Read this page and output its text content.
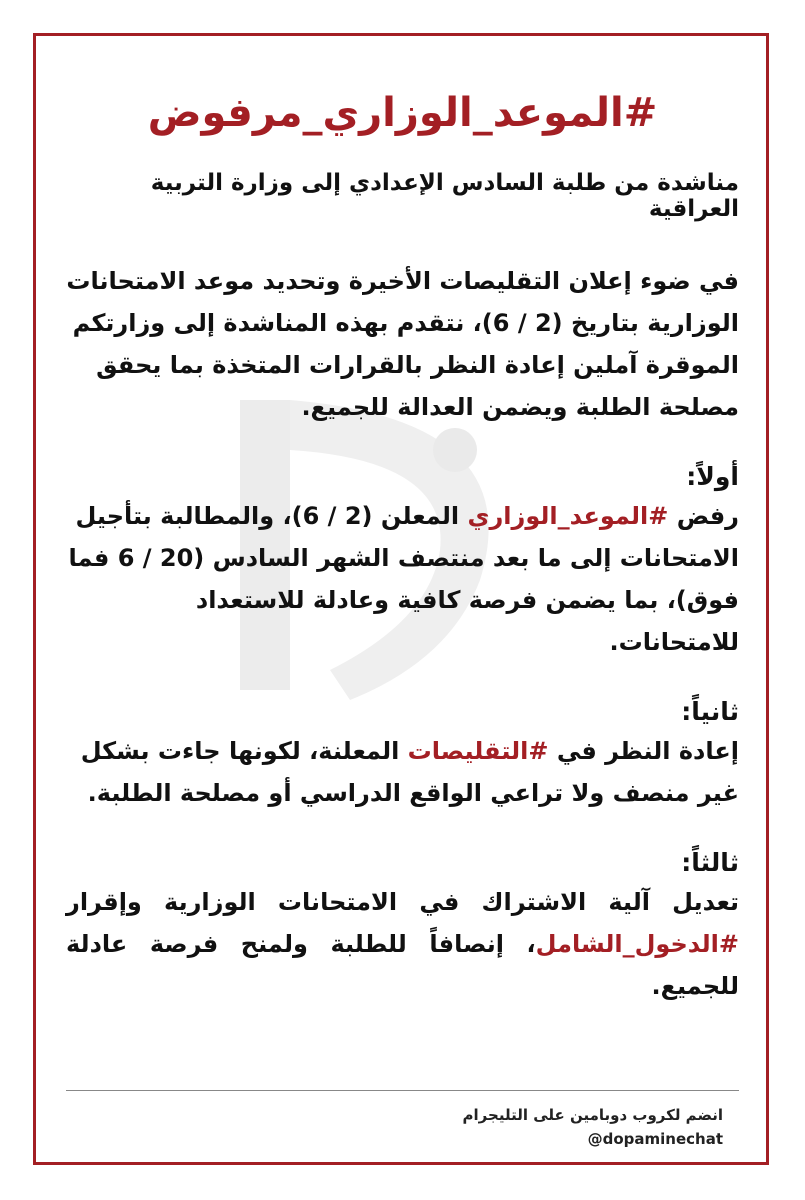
#الموعد_الوزاري_مرفوض

مناشدة من طلبة السادس الإعدادي إلى وزارة التربية العراقية

في ضوء إعلان التقليصات الأخيرة وتحديد موعد الامتحانات الوزارية بتاريخ (2 / 6)، نتقدم بهذه المناشدة إلى وزارتكم الموقرة آملين إعادة النظر بالقرارات المتخذة بما يحقق مصلحة الطلبة ويضمن العدالة للجميع.

أولاً:

رفض #الموعد_الوزاري المعلن (2 / 6)، والمطالبة بتأجيل الامتحانات إلى ما بعد منتصف الشهر السادس (20 / 6 فما فوق)، بما يضمن فرصة كافية وعادلة للاستعداد للامتحانات.

ثانياً:

إعادة النظر في #التقليصات المعلنة، لكونها جاءت بشكل غير منصف ولا تراعي الواقع الدراسي أو مصلحة الطلبة.

ثالثاً:

تعديل آلية الاشتراك في الامتحانات الوزارية وإقرار #الدخول_الشامل، إنصافاً للطلبة ولمنح فرصة عادلة للجميع.

انضم لكروب دوبامين على التليجرام
@dopaminechat
